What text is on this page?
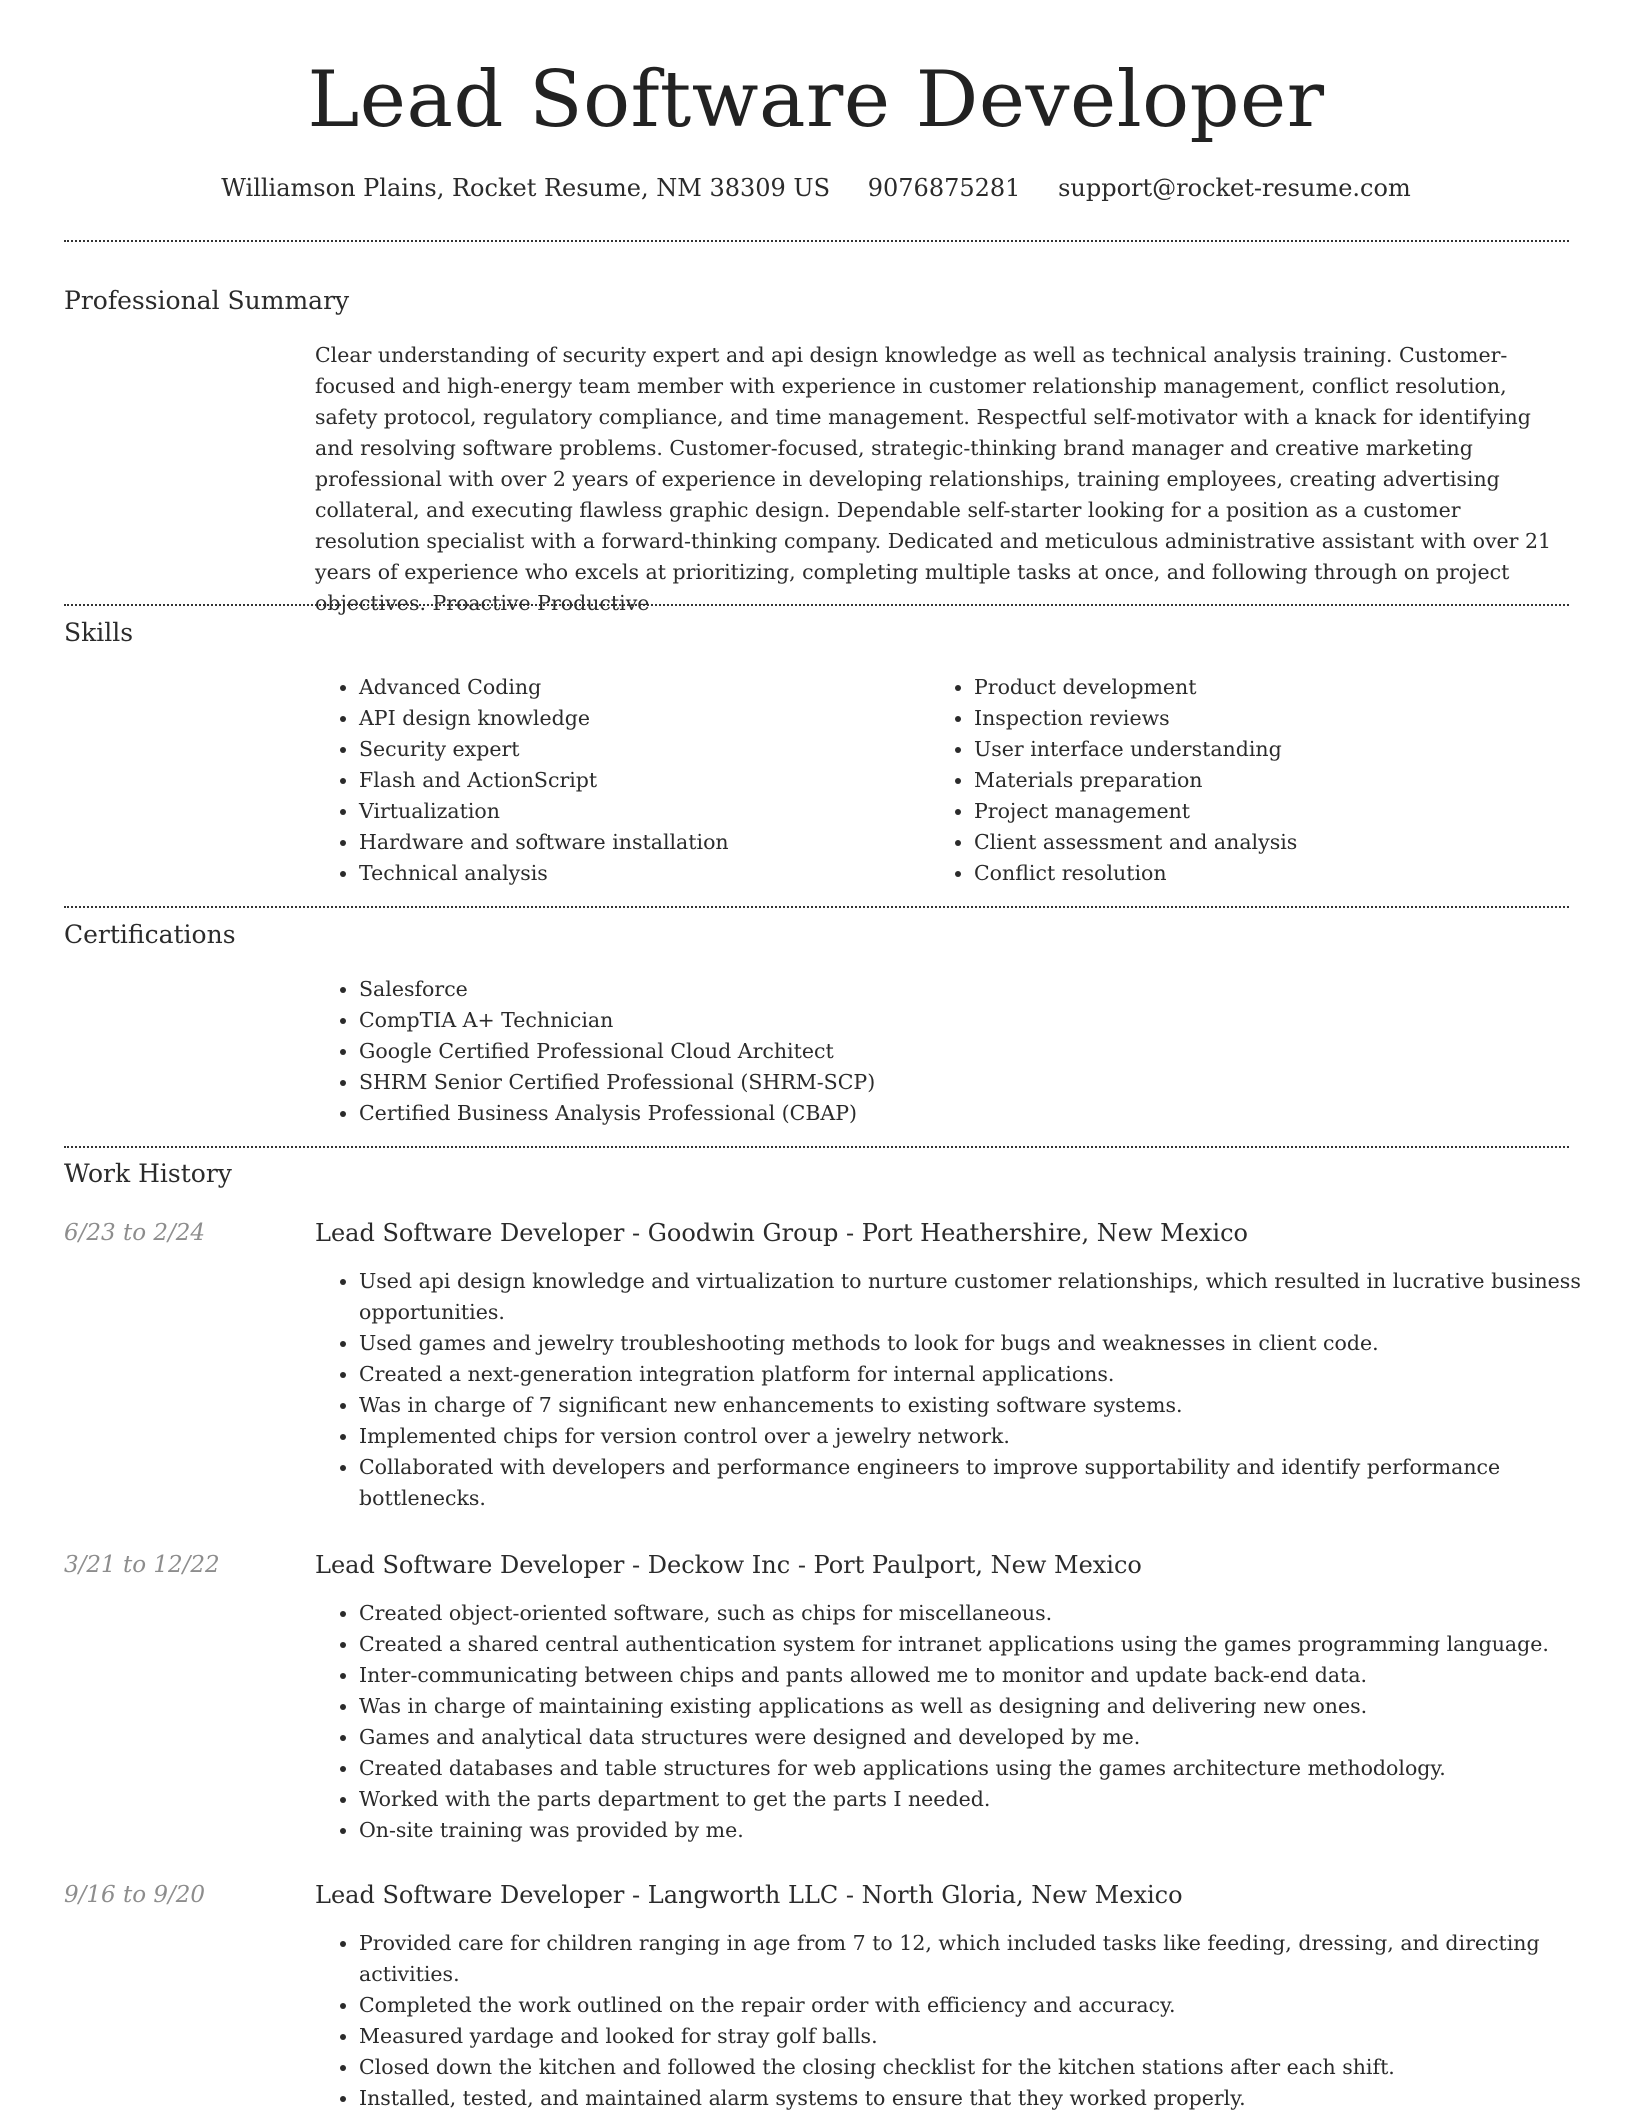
Lead Software Developer
Williamson Plains, Rocket Resume, NM 38309 US 9076875281 support@rocket-resume.com
Professional Summary

Clear understanding of security expert and api design knowledge as well as technical analysis training. Customer-focused and high-energy team member with experience in customer relationship management, conflict resolution, safety protocol, regulatory compliance, and time management. Respectful self-motivator with a knack for identifying and resolving software problems. Customer-focused, strategic-thinking brand manager and creative marketing professional with over 2 years of experience in developing relationships, training employees, creating advertising collateral, and executing flawless graphic design. Dependable self-starter looking for a position as a customer resolution specialist with a forward-thinking company. Dedicated and meticulous administrative assistant with over 21 years of experience who excels at prioritizing, completing multiple tasks at once, and following through on project objectives. Proactive Productive

Skills
• Advanced Coding
• API design knowledge
• Security expert
• Flash and ActionScript
• Virtualization
• Hardware and software installation
• Technical analysis
• Product development
• Inspection reviews
• User interface understanding
• Materials preparation
• Project management
• Client assessment and analysis
• Conflict resolution
Certifications
• Salesforce
• CompTIA A+ Technician
• Google Certified Professional Cloud Architect
• SHRM Senior Certified Professional (SHRM-SCP)
• Certified Business Analysis Professional (CBAP)
Work History
6/23 to 2/24	Lead Software Developer - Goodwin Group - Port Heathershire, New Mexico
• Used api design knowledge and virtualization to nurture customer relationships, which resulted in lucrative business opportunities.
• Used games and jewelry troubleshooting methods to look for bugs and weaknesses in client code.
• Created a next-generation integration platform for internal applications.
• Was in charge of 7 significant new enhancements to existing software systems.
• Implemented chips for version control over a jewelry network.
• Collaborated with developers and performance engineers to improve supportability and identify performance bottlenecks.
3/21 to 12/22	Lead Software Developer - Deckow Inc - Port Paulport, New Mexico
• Created object-oriented software, such as chips for miscellaneous.
• Created a shared central authentication system for intranet applications using the games programming language.
• Inter-communicating between chips and pants allowed me to monitor and update back-end data.
• Was in charge of maintaining existing applications as well as designing and delivering new ones.
• Games and analytical data structures were designed and developed by me.
• Created databases and table structures for web applications using the games architecture methodology.
• Worked with the parts department to get the parts I needed.
• On-site training was provided by me.
9/16 to 9/20	Lead Software Developer - Langworth LLC - North Gloria, New Mexico
• Provided care for children ranging in age from 7 to 12, which included tasks like feeding, dressing, and directing activities.
• Completed the work outlined on the repair order with efficiency and accuracy.
• Measured yardage and looked for stray golf balls.
• Closed down the kitchen and followed the closing checklist for the kitchen stations after each shift.
• Installed, tested, and maintained alarm systems to ensure that they worked properly.
